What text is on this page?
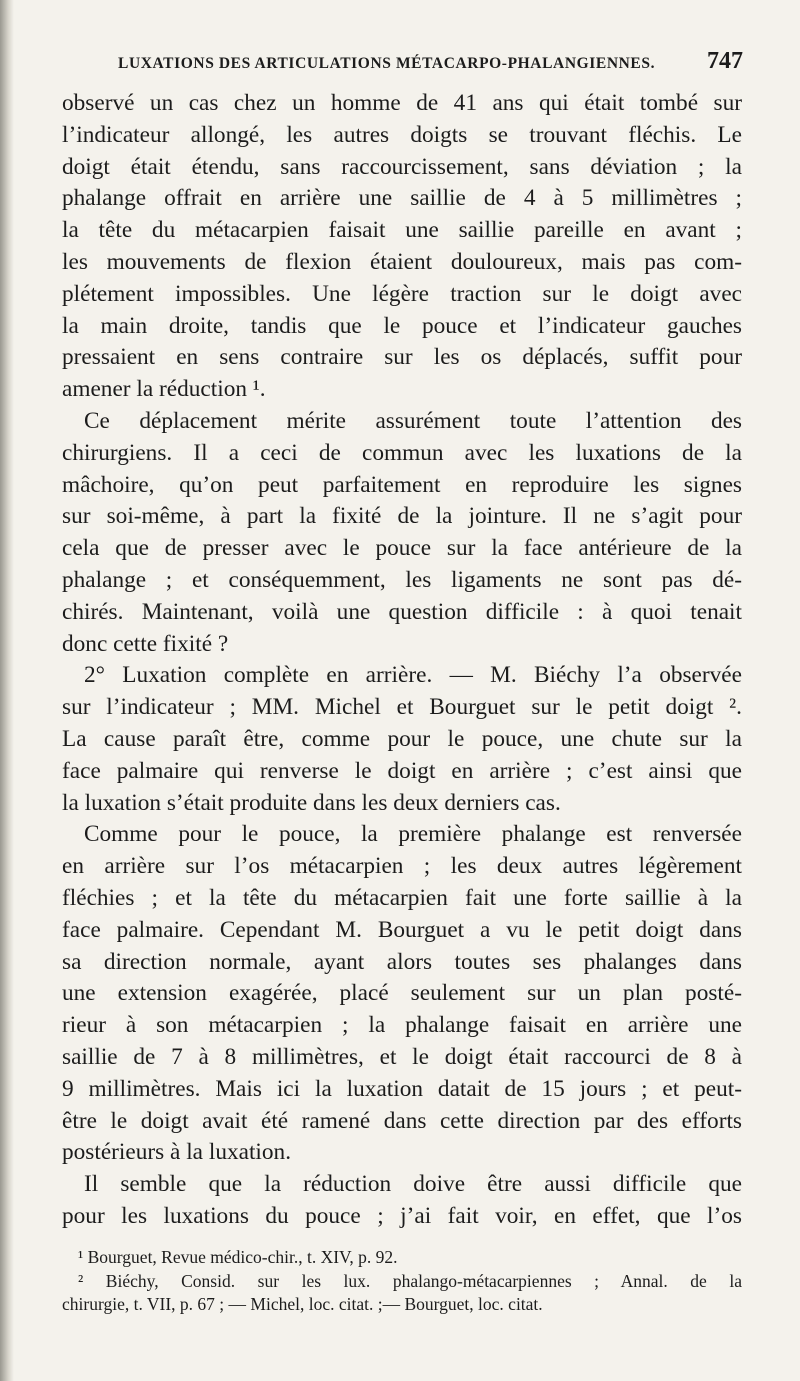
LUXATIONS DES ARTICULATIONS MÉTACARPO-PHALANGIENNES. 747

observé un cas chez un homme de 41 ans qui était tombé sur

l’indicateur allongé, les autres doigts se trouvant fléchis. Le

doigt était étendu, sans raccourcissement, sans déviation ; la

phalange offrait en arrière une saillie de 4 à 5 millimètres ;

la tête du métacarpien faisait une saillie pareille en avant ;

les mouvements de flexion étaient douloureux, mais pas com-

plétement impossibles. Une légère traction sur le doigt avec

la main droite, tandis que le pouce et l’indicateur gauches

pressaient en sens contraire sur les os déplacés, suffit pour

amener la réduction ¹.

Ce déplacement mérite assurément toute l’attention des

chirurgiens. Il a ceci de commun avec les luxations de la

mâchoire, qu’on peut parfaitement en reproduire les signes

sur soi-même, à part la fixité de la jointure. Il ne s’agit pour

cela que de presser avec le pouce sur la face antérieure de la

phalange ; et conséquemment, les ligaments ne sont pas dé-

chirés. Maintenant, voilà une question difficile : à quoi tenait

donc cette fixité ?

2° Luxation complète en arrière. — M. Biéchy l’a observée

sur l’indicateur ; MM. Michel et Bourguet sur le petit doigt ².

La cause paraît être, comme pour le pouce, une chute sur la

face palmaire qui renverse le doigt en arrière ; c’est ainsi que

la luxation s’était produite dans les deux derniers cas.

Comme pour le pouce, la première phalange est renversée

en arrière sur l’os métacarpien ; les deux autres légèrement

fléchies ; et la tête du métacarpien fait une forte saillie à la

face palmaire. Cependant M. Bourguet a vu le petit doigt dans

sa direction normale, ayant alors toutes ses phalanges dans

une extension exagérée, placé seulement sur un plan posté-

rieur à son métacarpien ; la phalange faisait en arrière une

saillie de 7 à 8 millimètres, et le doigt était raccourci de 8 à

9 millimètres. Mais ici la luxation datait de 15 jours ; et peut-

être le doigt avait été ramené dans cette direction par des efforts

postérieurs à la luxation.

Il semble que la réduction doive être aussi difficile que

pour les luxations du pouce ; j’ai fait voir, en effet, que l’os

¹ Bourguet, Revue médico-chir., t. XIV, p. 92.

² Biéchy, Consid. sur les lux. phalango-métacarpiennes ; Annal. de la

chirurgie, t. VII, p. 67 ; — Michel, loc. citat. ;— Bourguet, loc. citat.
